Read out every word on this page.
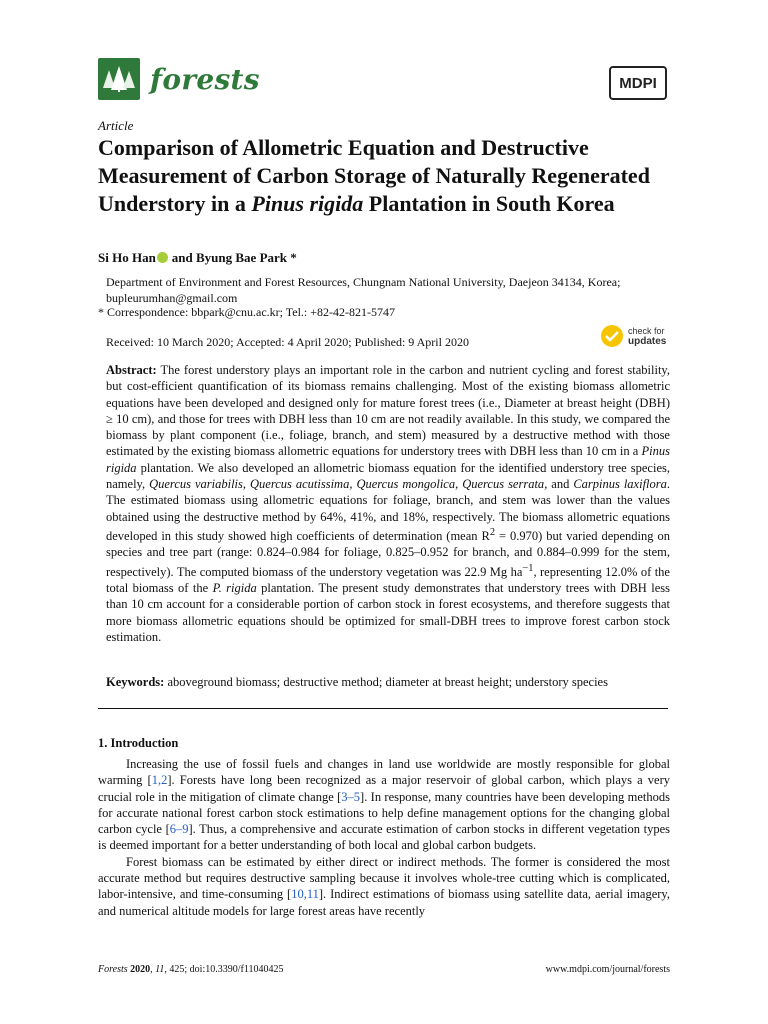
forests	MDPI
Article
Comparison of Allometric Equation and Destructive Measurement of Carbon Storage of Naturally Regenerated Understory in a Pinus rigida Plantation in South Korea
Si Ho Han and Byung Bae Park *
Department of Environment and Forest Resources, Chungnam National University, Daejeon 34134, Korea; bupleurumhan@gmail.com
* Correspondence: bbpark@cnu.ac.kr; Tel.: +82-42-821-5747
Received: 10 March 2020; Accepted: 4 April 2020; Published: 9 April 2020
check for
updates
Abstract: The forest understory plays an important role in the carbon and nutrient cycling and forest stability, but cost-efficient quantification of its biomass remains challenging. Most of the existing biomass allometric equations have been developed and designed only for mature forest trees (i.e., Diameter at breast height (DBH) ≥ 10 cm), and those for trees with DBH less than 10 cm are not readily available. In this study, we compared the biomass by plant component (i.e., foliage, branch, and stem) measured by a destructive method with those estimated by the existing biomass allometric equations for understory trees with DBH less than 10 cm in a Pinus rigida plantation. We also developed an allometric biomass equation for the identified understory tree species, namely, Quercus variabilis, Quercus acutissima, Quercus mongolica, Quercus serrata, and Carpinus laxiflora. The estimated biomass using allometric equations for foliage, branch, and stem was lower than the values obtained using the destructive method by 64%, 41%, and 18%, respectively. The biomass allometric equations developed in this study showed high coefficients of determination (mean $R^2 = 0.970$) but varied depending on species and tree part (range: 0.824–0.984 for foliage, 0.825–0.952 for branch, and 0.884–0.999 for the stem, respectively). The computed biomass of the understory vegetation was 22.9 Mg $ha^{-1}$, representing 12.0% of the total biomass of the P. rigida plantation. The present study demonstrates that understory trees with DBH less than 10 cm account for a considerable portion of carbon stock in forest ecosystems, and therefore suggests that more biomass allometric equations should be optimized for small-DBH trees to improve forest carbon stock estimation.
Keywords: aboveground biomass; destructive method; diameter at breast height; understory species
1. Introduction

Increasing the use of fossil fuels and changes in land use worldwide are mostly responsible for global warming [1,2]. Forests have long been recognized as a major reservoir of global carbon, which plays a very crucial role in the mitigation of climate change [3–5]. In response, many countries have been developing methods for accurate national forest carbon stock estimations to help define management options for the changing global carbon cycle [6–9]. Thus, a comprehensive and accurate estimation of carbon stocks in different vegetation types is deemed important for a better understanding of both local and global carbon budgets.

Forest biomass can be estimated by either direct or indirect methods. The former is considered the most accurate method but requires destructive sampling because it involves whole-tree cutting which is complicated, labor-intensive, and time-consuming [10,11]. Indirect estimations of biomass using satellite data, aerial imagery, and numerical altitude models for large forest areas have recently

Forests 2020, 11, 425; doi:10.3390/f11040425	www.mdpi.com/journal/forests
